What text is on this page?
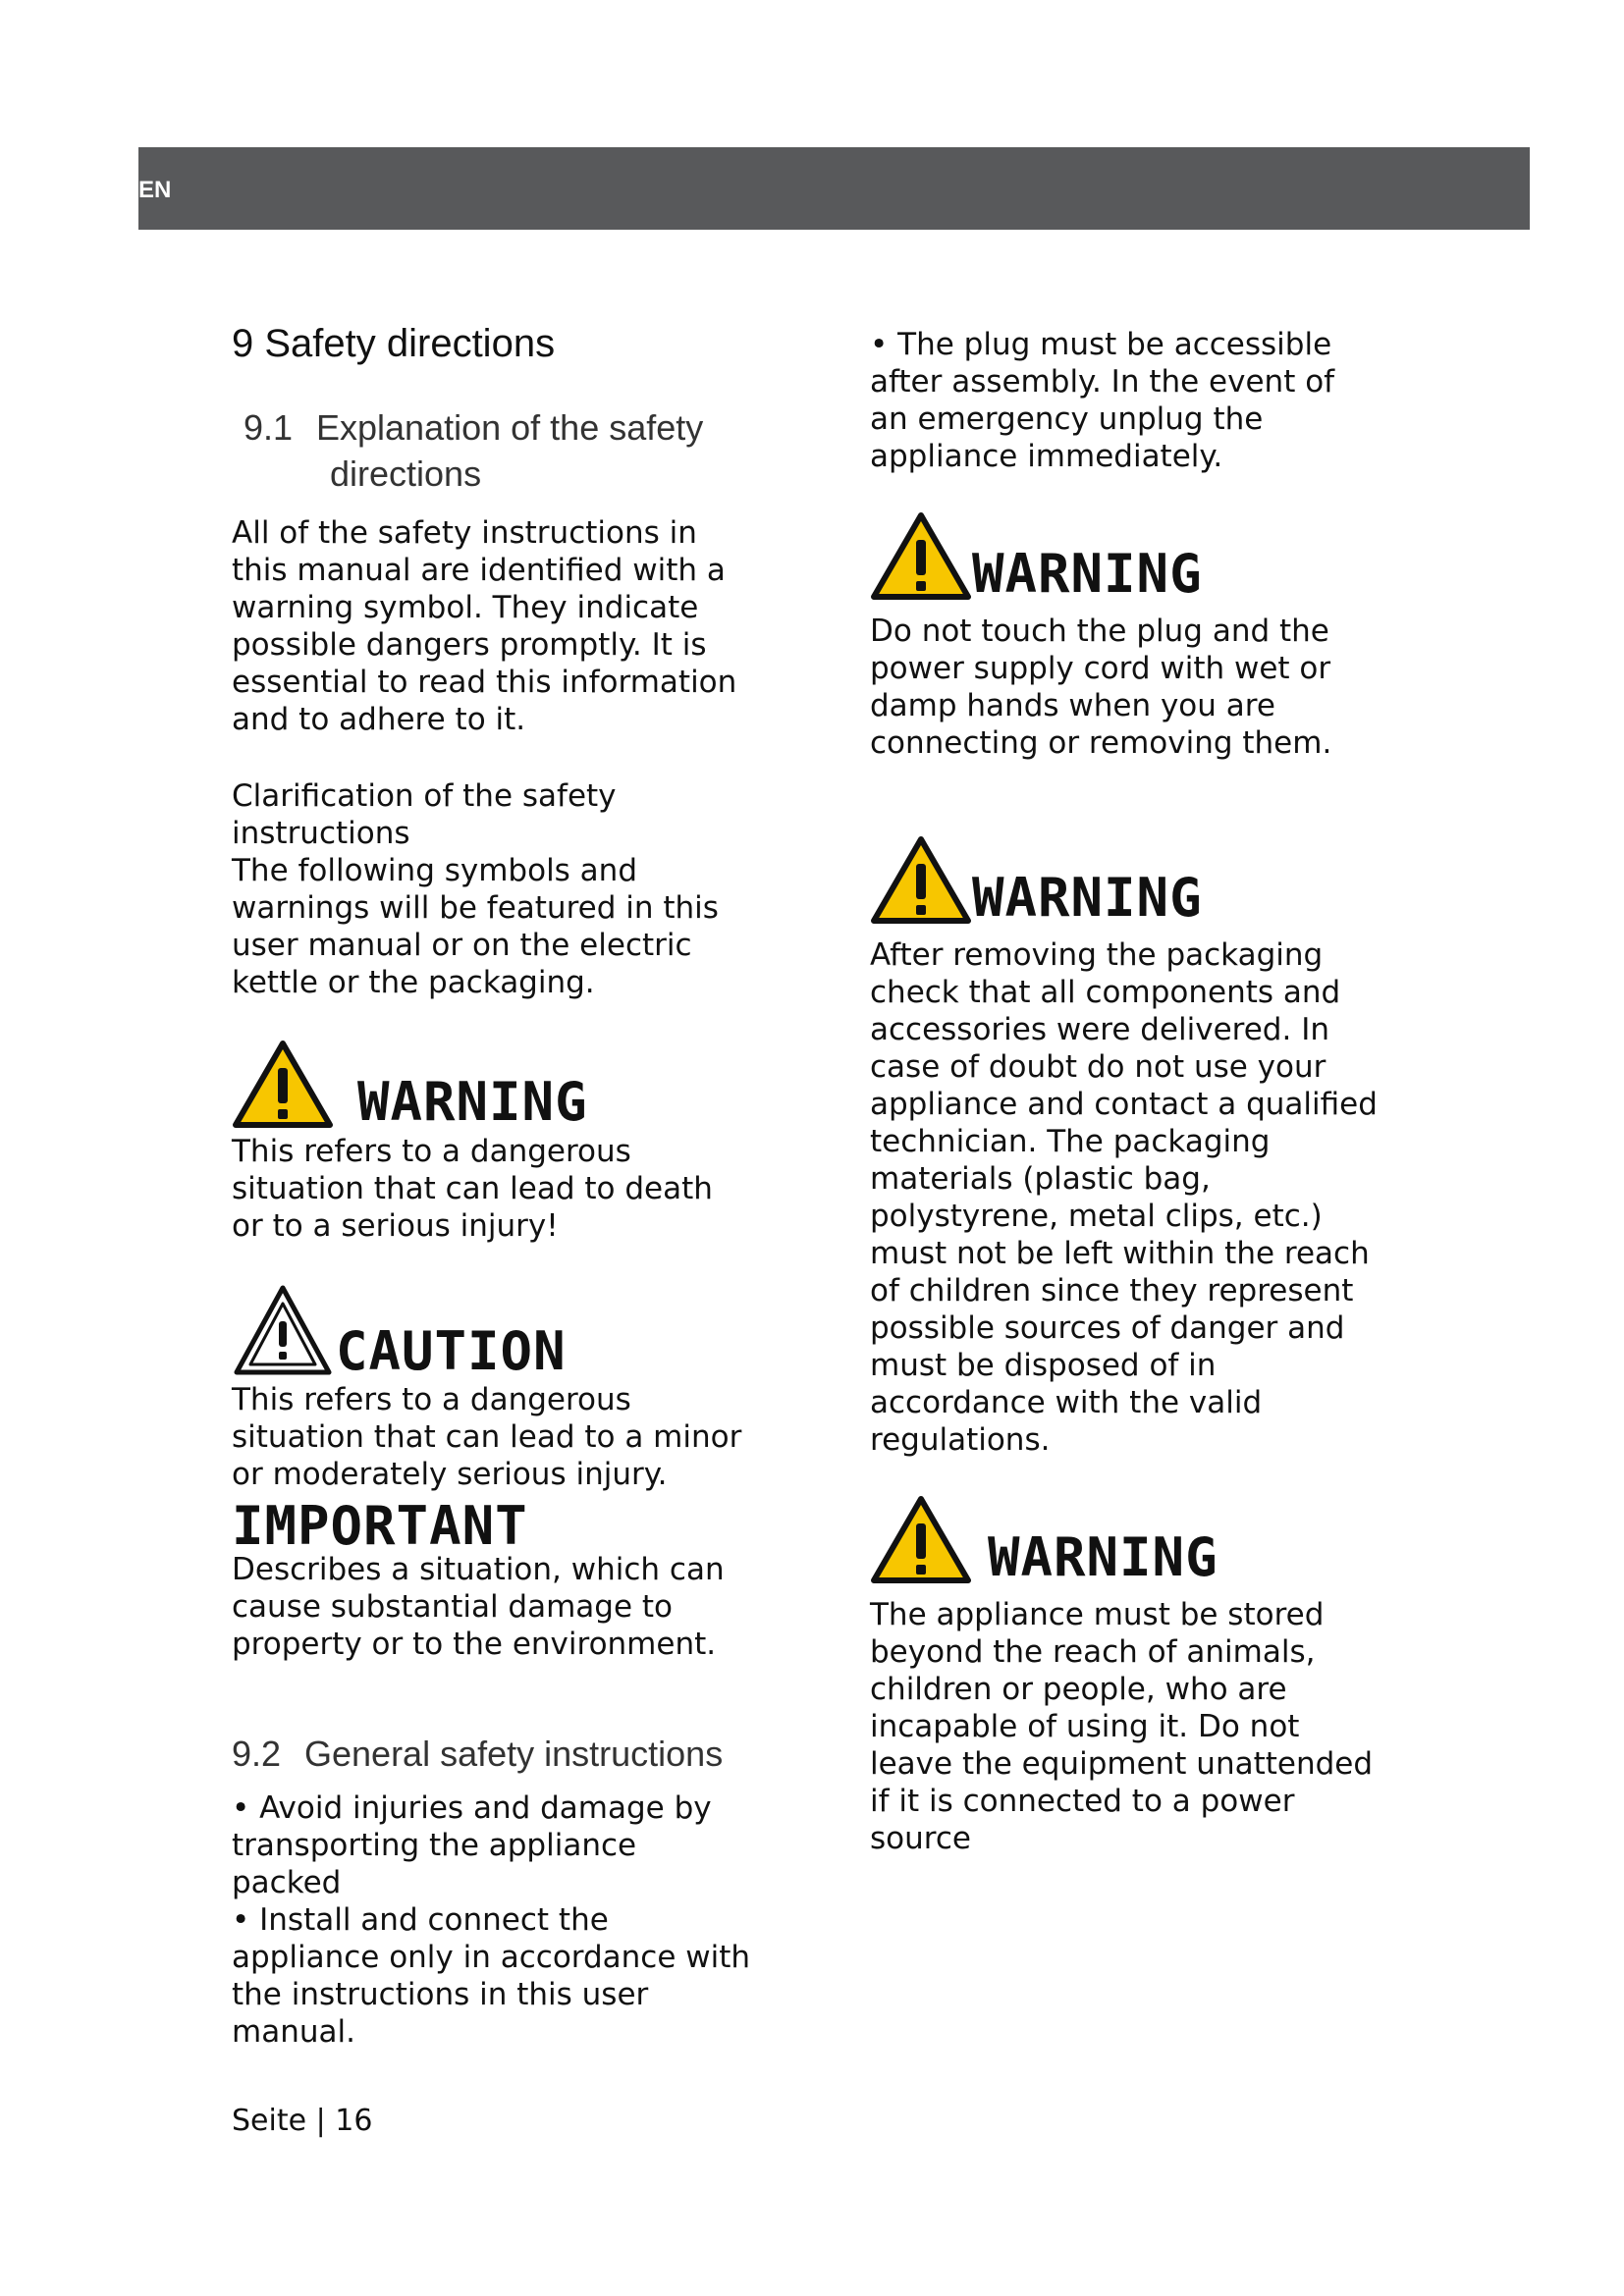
EN
9 Safety directions
9.1 Explanation of the safety
directions

All of the safety instructions in
this manual are identified with a
warning symbol. They indicate
possible dangers promptly. It is
essential to read this information
and to adhere to it.

Clarification of the safety
instructions
The following symbols and
warnings will be featured in this
user manual or on the electric
kettle or the packaging.

WARNING

This refers to a dangerous
situation that can lead to death
or to a serious injury!

CAUTION

This refers to a dangerous
situation that can lead to a minor
or moderately serious injury.

IMPORTANT

Describes a situation, which can
cause substantial damage to
property or to the environment.

9.2 General safety instructions

• Avoid injuries and damage by
transporting the appliance
packed
• Install and connect the
appliance only in accordance with
the instructions in this user
manual.

Seite | 16

• The plug must be accessible
after assembly. In the event of
an emergency unplug the
appliance immediately.

WARNING

Do not touch the plug and the
power supply cord with wet or
damp hands when you are
connecting or removing them.

WARNING

After removing the packaging
check that all components and
accessories were delivered. In
case of doubt do not use your
appliance and contact a qualified
technician. The packaging
materials (plastic bag,
polystyrene, metal clips, etc.)
must not be left within the reach
of children since they represent
possible sources of danger and
must be disposed of in
accordance with the valid
regulations.

WARNING

The appliance must be stored
beyond the reach of animals,
children or people, who are
incapable of using it. Do not
leave the equipment unattended
if it is connected to a power
source
